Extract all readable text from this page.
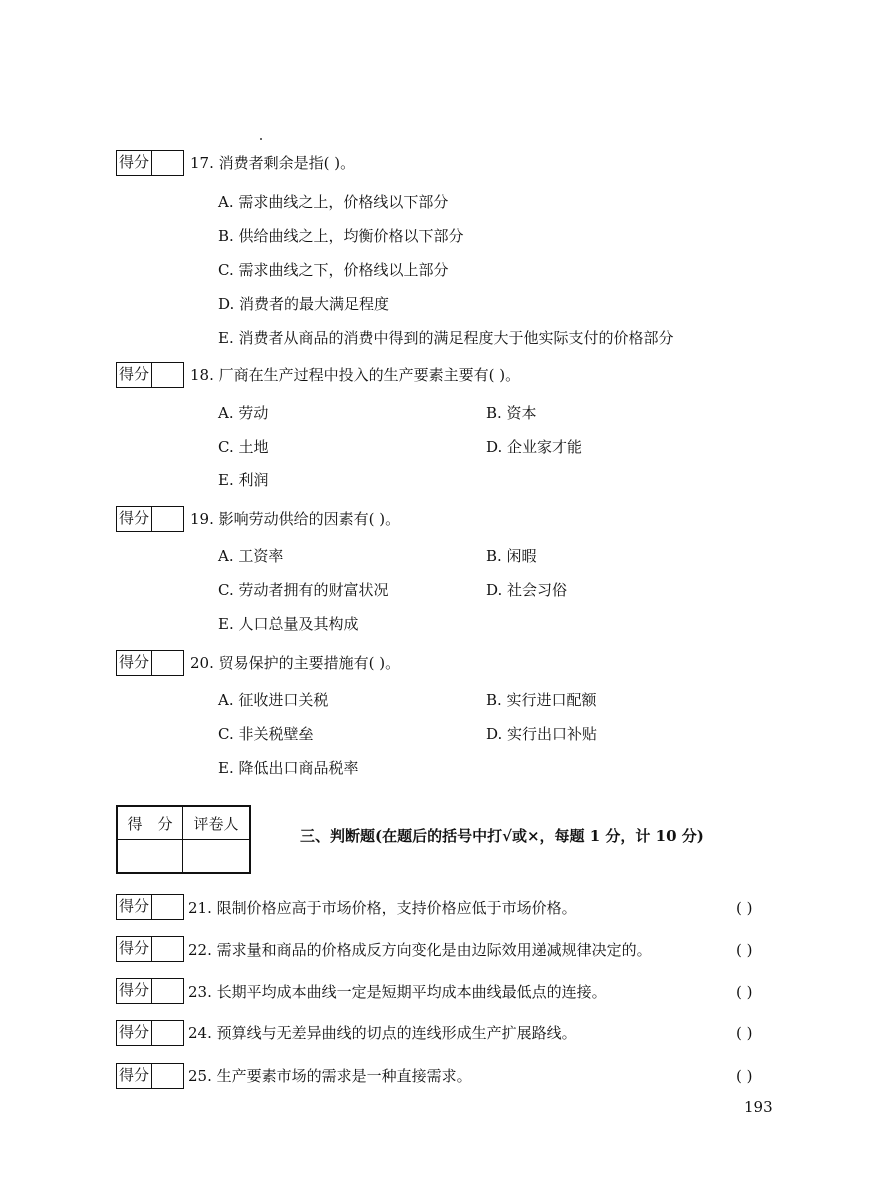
得分	17. 消费者剩余是指( )。
A. 需求曲线之上，价格线以下部分
B. 供给曲线之上，均衡价格以下部分
C. 需求曲线之下，价格线以上部分
D. 消费者的最大满足程度
E. 消费者从商品的消费中得到的满足程度大于他实际支付的价格部分
得分	18. 厂商在生产过程中投入的生产要素主要有( )。
A. 劳动	B. 资本
C. 土地	D. 企业家才能
E. 利润
得分	19. 影响劳动供给的因素有( )。
A. 工资率	B. 闲暇
C. 劳动者拥有的财富状况	D. 社会习俗
E. 人口总量及其构成
得分	20. 贸易保护的主要措施有( )。
A. 征收进口关税	B. 实行进口配额
C. 非关税壁垒	D. 实行出口补贴
E. 降低出口商品税率
得　分	评卷人

三、判断题(在题后的括号中打√或×，每题 1 分，计 10 分)
得分	21. 限制价格应高于市场价格，支持价格应低于市场价格。	( )
得分	22. 需求量和商品的价格成反方向变化是由边际效用递减规律决定的。	( )
得分	23. 长期平均成本曲线一定是短期平均成本曲线最低点的连接。	( )
得分	24. 预算线与无差异曲线的切点的连线形成生产扩展路线。	( )
得分	25. 生产要素市场的需求是一种直接需求。	( )
193
